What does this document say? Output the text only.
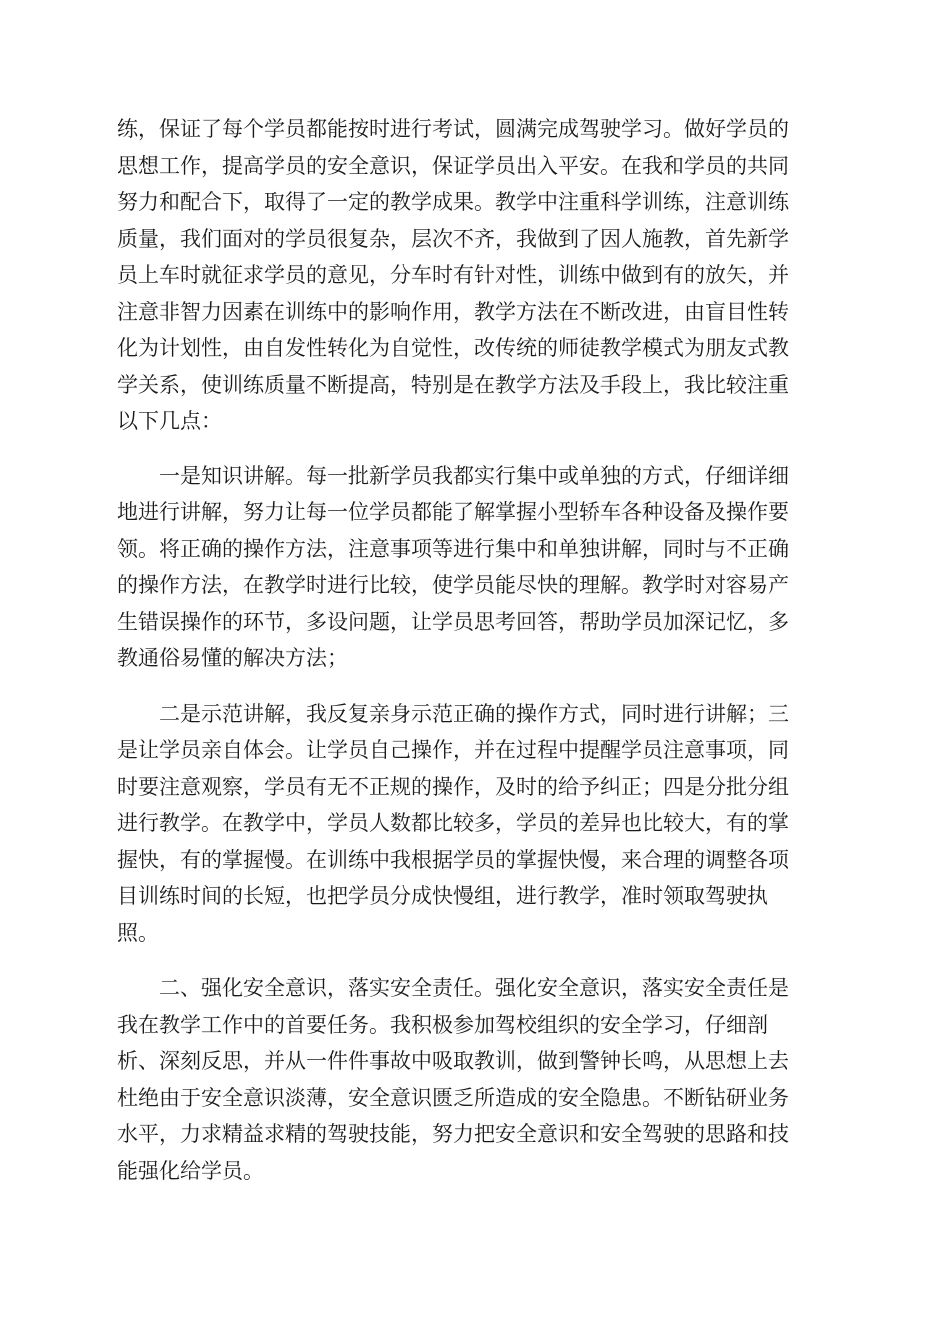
练，保证了每个学员都能按时进行考试，圆满完成驾驶学习。做好学员的
思想工作，提高学员的安全意识，保证学员出入平安。在我和学员的共同
努力和配合下，取得了一定的教学成果。教学中注重科学训练，注意训练
质量，我们面对的学员很复杂，层次不齐，我做到了因人施教，首先新学
员上车时就征求学员的意见，分车时有针对性，训练中做到有的放矢，并
注意非智力因素在训练中的影响作用，教学方法在不断改进，由盲目性转
化为计划性，由自发性转化为自觉性，改传统的师徒教学模式为朋友式教
学关系，使训练质量不断提高，特别是在教学方法及手段上，我比较注重
以下几点：

一是知识讲解。每一批新学员我都实行集中或单独的方式，仔细详细
地进行讲解，努力让每一位学员都能了解掌握小型轿车各种设备及操作要
领。将正确的操作方法，注意事项等进行集中和单独讲解，同时与不正确
的操作方法，在教学时进行比较，使学员能尽快的理解。教学时对容易产
生错误操作的环节，多设问题，让学员思考回答，帮助学员加深记忆，多
教通俗易懂的解决方法；

二是示范讲解，我反复亲身示范正确的操作方式，同时进行讲解；三
是让学员亲自体会。让学员自己操作，并在过程中提醒学员注意事项，同
时要注意观察，学员有无不正规的操作，及时的给予纠正；四是分批分组
进行教学。在教学中，学员人数都比较多，学员的差异也比较大，有的掌
握快，有的掌握慢。在训练中我根据学员的掌握快慢，来合理的调整各项
目训练时间的长短，也把学员分成快慢组，进行教学，准时领取驾驶执
照。

二、强化安全意识，落实安全责任。强化安全意识，落实安全责任是
我在教学工作中的首要任务。我积极参加驾校组织的安全学习，仔细剖
析、深刻反思，并从一件件事故中吸取教训，做到警钟长鸣，从思想上去
杜绝由于安全意识淡薄，安全意识匮乏所造成的安全隐患。不断钻研业务
水平，力求精益求精的驾驶技能，努力把安全意识和安全驾驶的思路和技
能强化给学员。
